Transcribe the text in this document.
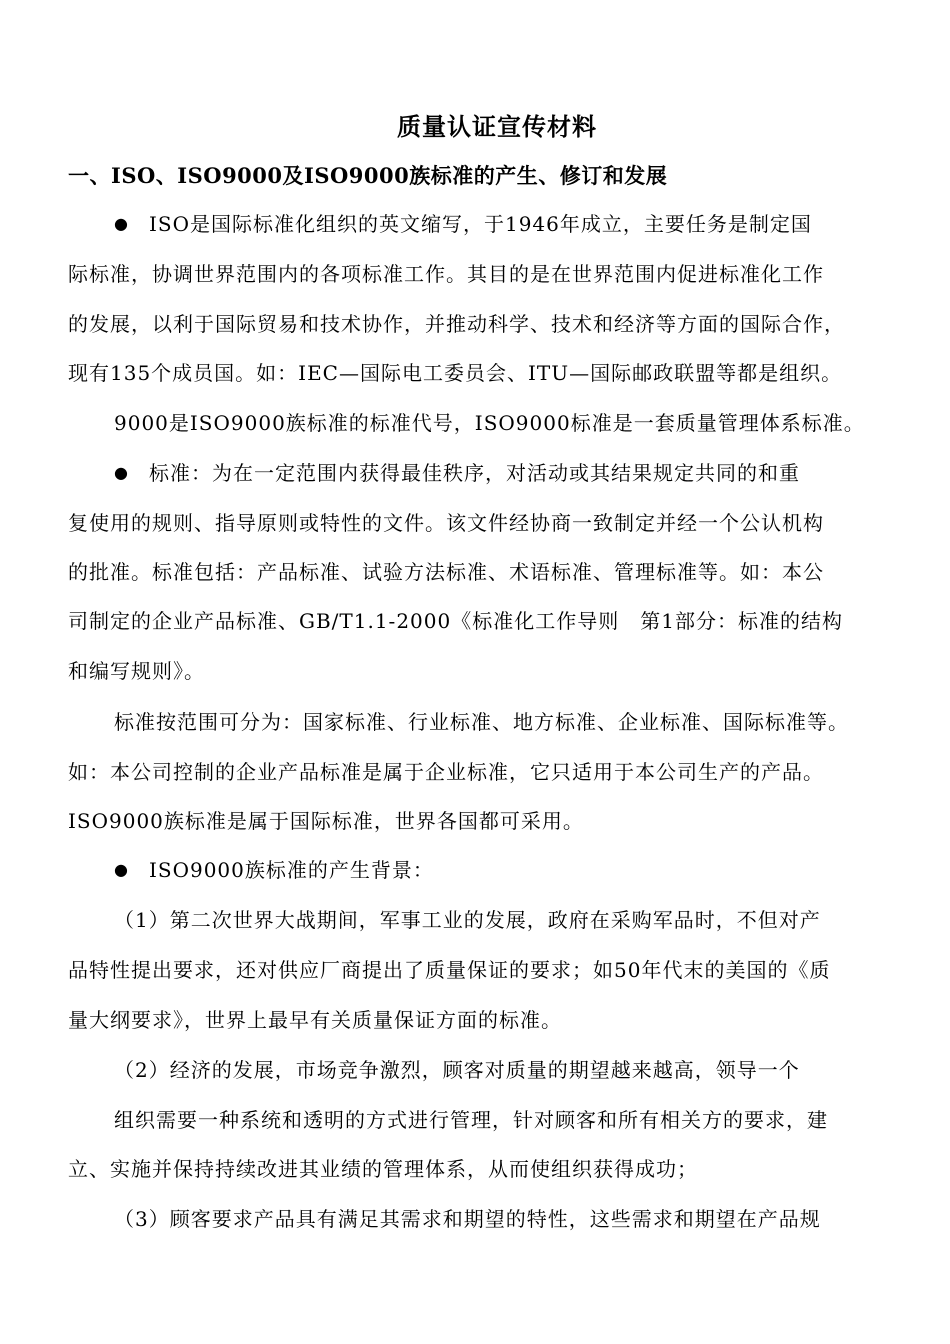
质量认证宣传材料
一、ISO、ISO9000及ISO9000族标准的产生、修订和发展
● ISO是国际标准化组织的英文缩写，于1946年成立，主要任务是制定国
际标准，协调世界范围内的各项标准工作。其目的是在世界范围内促进标准化工作
的发展，以利于国际贸易和技术协作，并推动科学、技术和经济等方面的国际合作，
现有135个成员国。如：IEC—国际电工委员会、ITU—国际邮政联盟等都是组织。
9000是ISO9000族标准的标准代号，ISO9000标准是一套质量管理体系标准。
● 标准：为在一定范围内获得最佳秩序，对活动或其结果规定共同的和重
复使用的规则、指导原则或特性的文件。该文件经协商一致制定并经一个公认机构
的批准。标准包括：产品标准、试验方法标准、术语标准、管理标准等。如：本公
司制定的企业产品标准、GB/T1.1-2000《标准化工作导则　第1部分：标准的结构
和编写规则》。
标准按范围可分为：国家标准、行业标准、地方标准、企业标准、国际标准等。
如：本公司控制的企业产品标准是属于企业标准，它只适用于本公司生产的产品。
ISO9000族标准是属于国际标准，世界各国都可采用。
● ISO9000族标准的产生背景：
（1）第二次世界大战期间，军事工业的发展，政府在采购军品时，不但对产
品特性提出要求，还对供应厂商提出了质量保证的要求；如50年代末的美国的《质
量大纲要求》，世界上最早有关质量保证方面的标准。
（2）经济的发展，市场竞争激烈，顾客对质量的期望越来越高，领导一个
组织需要一种系统和透明的方式进行管理，针对顾客和所有相关方的要求，建
立、实施并保持持续改进其业绩的管理体系，从而使组织获得成功；
（3）顾客要求产品具有满足其需求和期望的特性，这些需求和期望在产品规
